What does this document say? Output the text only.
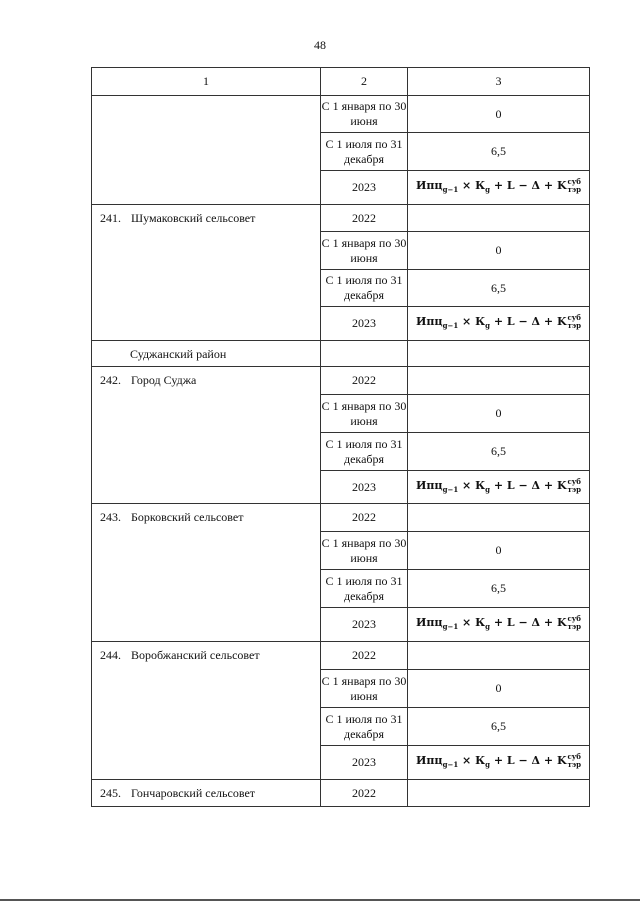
48
1	2	3
	С 1 января по 30 июня	0
	С 1 июля по 31 декабря	6,5
	2023	$Ипц_{g-1} \times К_g + L - \Delta + K$ суб
тэр

241. Шумаковский сельсовет	2022	
	С 1 января по 30 июня	0
	С 1 июля по 31 декабря	6,5
	2023	$Ипц_{g-1} \times К_g + L - \Delta + K$ суб
тэр

Суджанский район		
242. Город Суджа	2022	
	С 1 января по 30 июня	0
	С 1 июля по 31 декабря	6,5
	2023	$Ипц_{g-1} \times К_g + L - \Delta + K$ суб
тэр

243. Борковский сельсовет	2022	
	С 1 января по 30 июня	0
	С 1 июля по 31 декабря	6,5
	2023	$Ипц_{g-1} \times К_g + L - \Delta + K$ суб
тэр

244. Воробжанский сельсовет	2022	
	С 1 января по 30 июня	0
	С 1 июля по 31 декабря	6,5
	2023	$Ипц_{g-1} \times К_g + L - \Delta + K$ суб
тэр

245. Гончаровский сельсовет	2022	
